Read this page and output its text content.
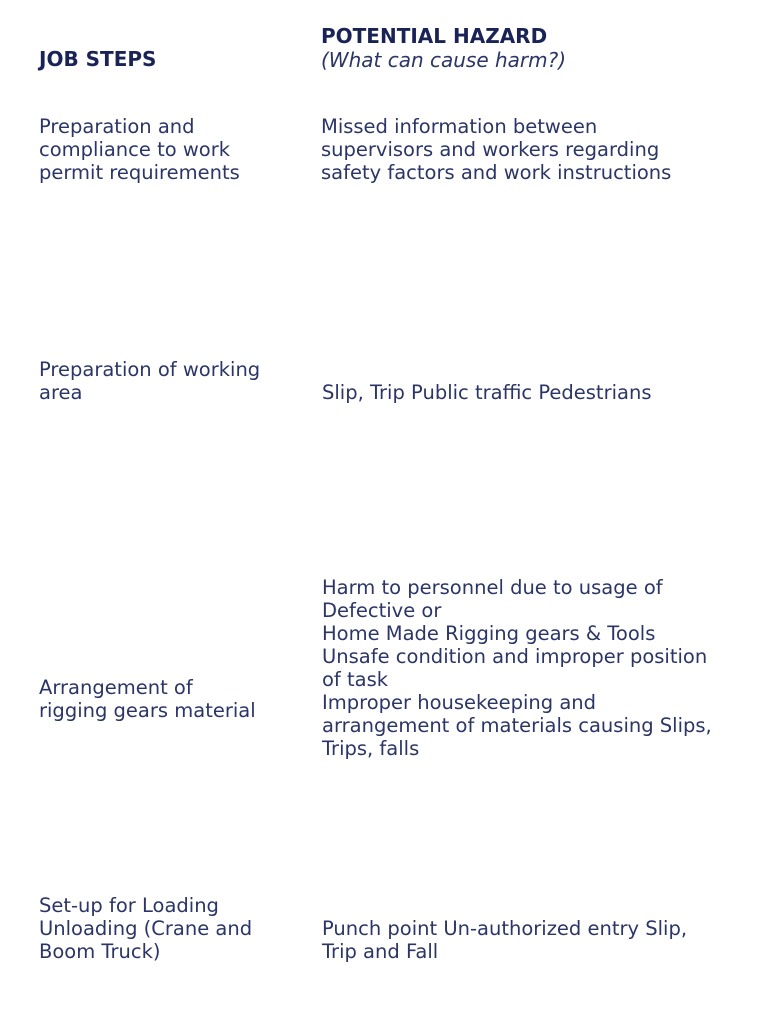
JOB STEPS
POTENTIAL HAZARD
(What can cause harm?)
Preparation and
compliance to work
permit requirements
Missed information between
supervisors and workers regarding
safety factors and work instructions
Preparation of working
area	Slip, Trip Public traffic Pedestrians
Arrangement of
rigging gears material
Harm to personnel due to usage of
Defective or
Home Made Rigging gears & Tools
Unsafe condition and improper position
of task
Improper housekeeping and
arrangement of materials causing Slips,
Trips, falls
Set-up for Loading
Unloading (Crane and
Boom Truck)
Punch point Un-authorized entry Slip,
Trip and Fall
